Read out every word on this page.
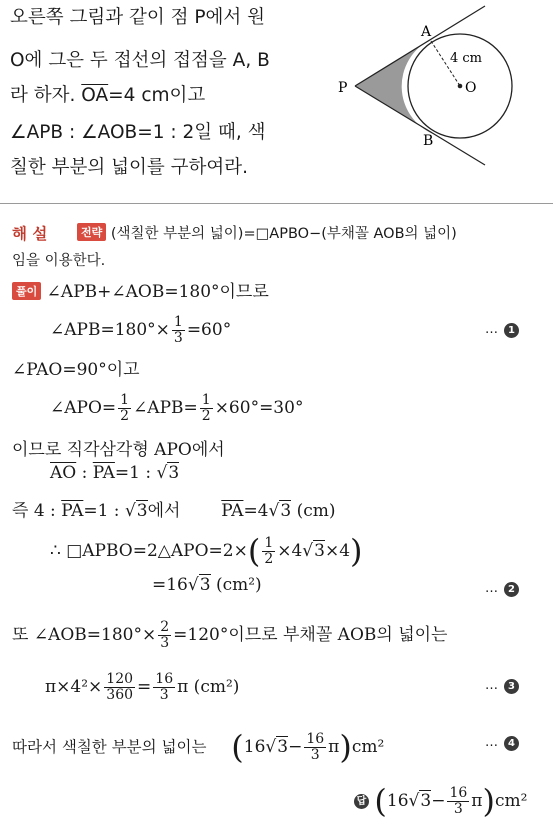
오른쪽 그림과 같이 점 P에서 원
O에 그은 두 접선의 접점을 A, B
라 하자. $\overline{OA}=4$ cm이고
∠APB : ∠AOB=1 : 2일 때, 색
칠한 부분의 넓이를 구하여라.
A
B
P	O
4 cm
해 설	전략 (색칠한 부분의 넓이)=□APBO−(부채꼴 AOB의 넓이)
임을 이용한다.
풀이 ∠APB+∠AOB=180°이므로
∠APB=180°× $\frac{1}{3} =60^\circ$	… 1
∠PAO=90°이고
∠APO= $\frac{1}{2}$ ∠APB= $\frac{1}{2} \times 60^\circ=30^\circ$
이므로 직각삼각형 APO에서
$\overline{AO}$ : $\overline{PA}=1$ : √3
즉 4 : $\overline{PA}=1$ : √3에서 $\overline{PA}=4√3$ (cm)
∴ □APBO=2△APO=2×( $\frac{1}{2} \times 4√3\times 4$)
=16√3 (cm²)	… 2
또 ∠AOB=180°× $\frac{2}{3} =120^\circ$이므로 부채꼴 AOB의 넓이는
$\pi\times 4^2\times \frac{120}{360} = \frac{16}{3}$ π (cm²)	… 3
따라서 색칠한 부분의 넓이는 $(16√3- \frac{16}{3} \pi)cm^2$	… 4
답 $(16√3- \frac{16}{3} \pi)cm^2$
